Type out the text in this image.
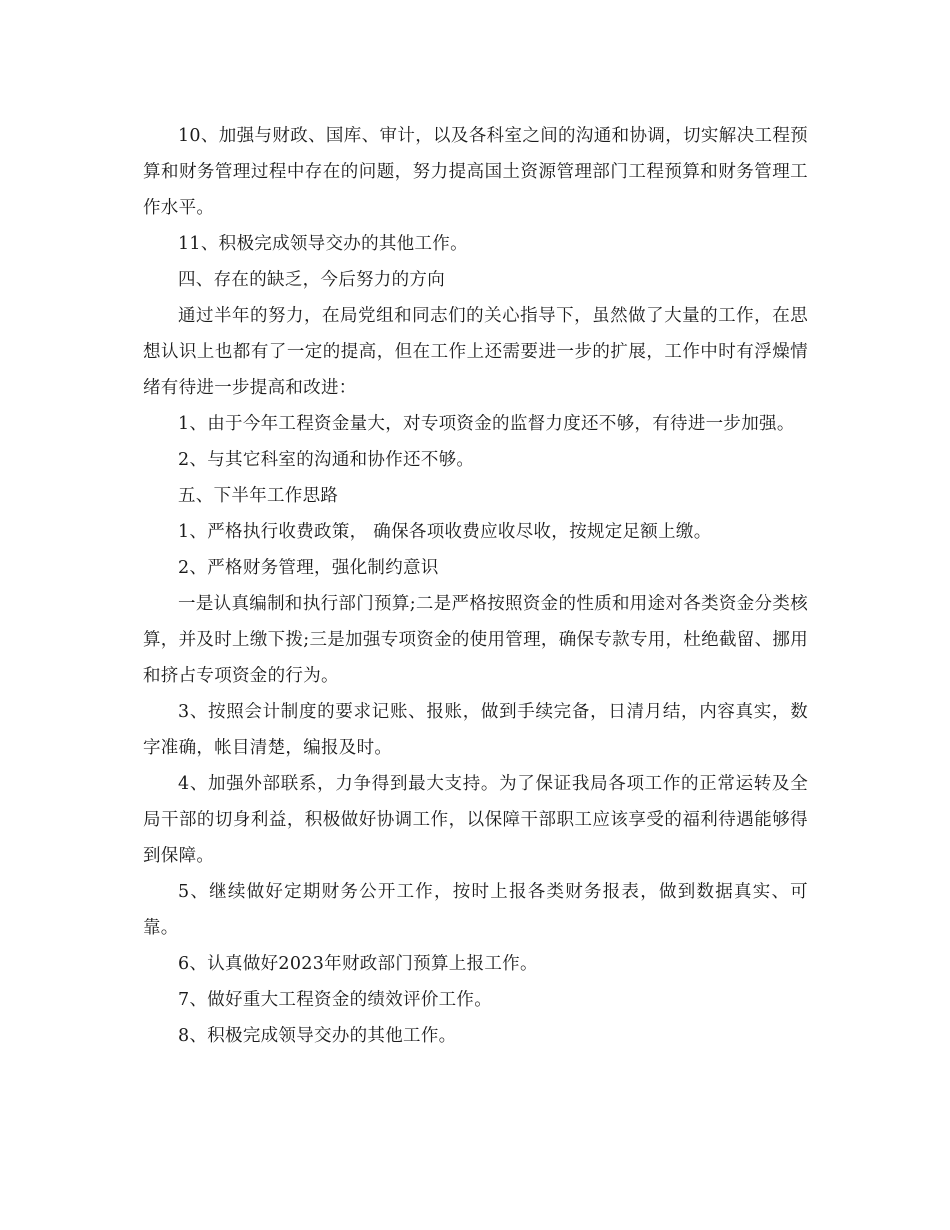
10、加强与财政、国库、审计，以及各科室之间的沟通和协调，切实解决工程预算和财务管理过程中存在的问题，努力提高国土资源管理部门工程预算和财务管理工作水平。

11、积极完成领导交办的其他工作。

四、存在的缺乏，今后努力的方向

通过半年的努力，在局党组和同志们的关心指导下，虽然做了大量的工作，在思想认识上也都有了一定的提高，但在工作上还需要进一步的扩展，工作中时有浮燥情绪有待进一步提高和改进：

1、由于今年工程资金量大，对专项资金的监督力度还不够，有待进一步加强。

2、与其它科室的沟通和协作还不够。

五、下半年工作思路

1、严格执行收费政策， 确保各项收费应收尽收，按规定足额上缴。

2、严格财务管理，强化制约意识

一是认真编制和执行部门预算;二是严格按照资金的性质和用途对各类资金分类核算，并及时上缴下拨;三是加强专项资金的使用管理，确保专款专用，杜绝截留、挪用和挤占专项资金的行为。

3、按照会计制度的要求记账、报账，做到手续完备，日清月结，内容真实，数字准确，帐目清楚，编报及时。

4、加强外部联系，力争得到最大支持。为了保证我局各项工作的正常运转及全局干部的切身利益，积极做好协调工作，以保障干部职工应该享受的福利待遇能够得到保障。

5、继续做好定期财务公开工作，按时上报各类财务报表，做到数据真实、可靠。

6、认真做好2023年财政部门预算上报工作。

7、做好重大工程资金的绩效评价工作。

8、积极完成领导交办的其他工作。
